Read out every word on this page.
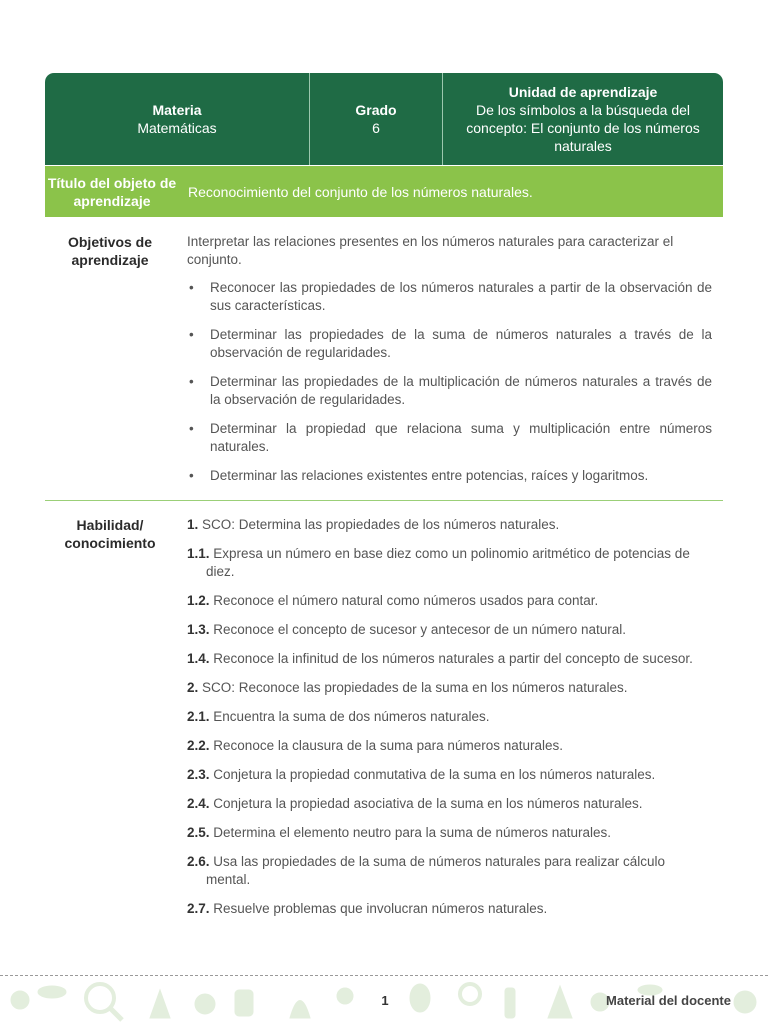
Materia
Matemáticas
Grado
6
Unidad de aprendizaje
De los símbolos a la búsqueda del concepto: El conjunto de los números naturales
Título del objeto de aprendizaje
Reconocimiento del conjunto de los números naturales.
Objetivos de aprendizaje

Interpretar las relaciones presentes en los números naturales para caracterizar el conjunto.

• Reconocer las propiedades de los números naturales a partir de la observación de sus características.
• Determinar las propiedades de la suma de números naturales a través de la observación de regularidades.
• Determinar las propiedades de la multiplicación de números naturales a través de la observación de regularidades.
• Determinar la propiedad que relaciona suma y multiplicación entre números naturales.
• Determinar las relaciones existentes entre potencias, raíces y logaritmos.
Habilidad/ conocimiento
1. SCO: Determina las propiedades de los números naturales.
1.1. Expresa un número en base diez como un polinomio aritmético de potencias de diez.
1.2. Reconoce el número natural como números usados para contar.
1.3. Reconoce el concepto de sucesor y antecesor de un número natural.
1.4. Reconoce la infinitud de los números naturales a partir del concepto de sucesor.
2. SCO: Reconoce las propiedades de la suma en los números naturales.
2.1. Encuentra la suma de dos números naturales.
2.2. Reconoce la clausura de la suma para números naturales.
2.3. Conjetura la propiedad conmutativa de la suma en los números naturales.
2.4. Conjetura la propiedad asociativa de la suma en los números naturales.
2.5. Determina el elemento neutro para la suma de números naturales.
2.6. Usa las propiedades de la suma de números naturales para realizar cálculo mental.
2.7. Resuelve problemas que involucran números naturales.
1	Material del docente
